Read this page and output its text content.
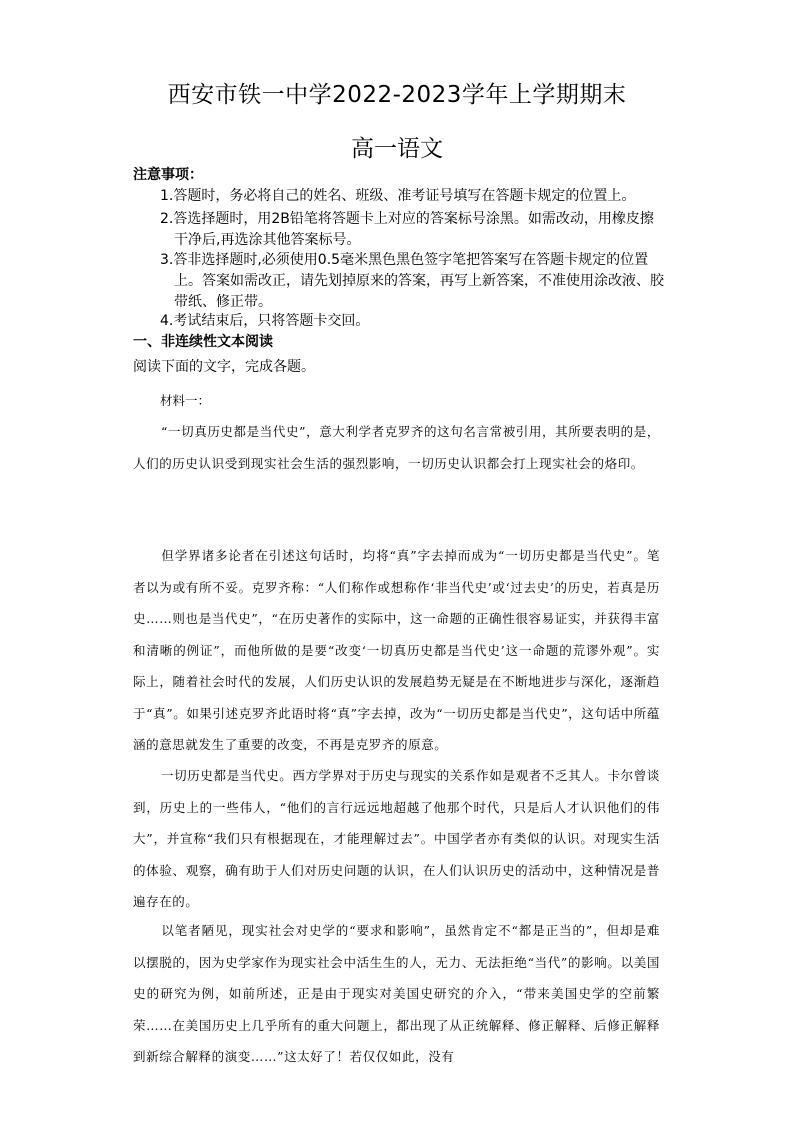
西安市铁一中学2022-2023学年上学期期末
高一语文
注意事项：
1.答题时，务必将自己的姓名、班级、准考证号填写在答题卡规定的位置上。
2.答选择题时，用2B铅笔将答题卡上对应的答案标号涂黑。如需改动，用橡皮擦
干净后,再选涂其他答案标号。
3.答非选择题时,必须使用0.5毫米黑色黑色签字笔把答案写在答题卡规定的位置
上。答案如需改正，请先划掉原来的答案，再写上新答案，不准使用涂改液、胶带纸、修正带。
4.考试结束后，只将答题卡交回。
一、非连续性文本阅读
阅读下面的文字，完成各题。
材料一：
“一切真历史都是当代史”，意大利学者克罗齐的这句名言常被引用，其所要表明的是，人们的历史认识受到现实社会生活的强烈影响，一切历史认识都会打上现实社会的烙印。
但学界诸多论者在引述这句话时，均将“真”字去掉而成为“一切历史都是当代史”。笔者以为或有所不妥。克罗齐称：“人们称作或想称作‘非当代史’或‘过去史’的历史，若真是历史……则也是当代史”，“在历史著作的实际中，这一命题的正确性很容易证实，并获得丰富和清晰的例证”，而他所做的是要“改变‘一切真历史都是当代史’这一命题的荒谬外观”。实际上，随着社会时代的发展，人们历史认识的发展趋势无疑是在不断地进步与深化，逐渐趋于“真”。如果引述克罗齐此语时将“真”字去掉，改为“一切历史都是当代史”，这句话中所蕴涵的意思就发生了重要的改变，不再是克罗齐的原意。
一切历史都是当代史。西方学界对于历史与现实的关系作如是观者不乏其人。卡尔曾谈到，历史上的一些伟人，“他们的言行远远地超越了他那个时代，只是后人才认识他们的伟大”，并宣称“我们只有根据现在，才能理解过去”。中国学者亦有类似的认识。对现实生活的体验、观察，确有助于人们对历史问题的认识，在人们认识历史的活动中，这种情况是普遍存在的。
以笔者陋见，现实社会对史学的“要求和影响”，虽然肯定不“都是正当的”，但却是难以摆脱的，因为史学家作为现实社会中活生生的人，无力、无法拒绝“当代”的影响。以美国史的研究为例，如前所述，正是由于现实对美国史研究的介入，“带来美国史学的空前繁荣……在美国历史上几乎所有的重大问题上，都出现了从正统解释、修正解释、后修正解释到新综合解释的演变……”这太好了！若仅仅如此，没有
